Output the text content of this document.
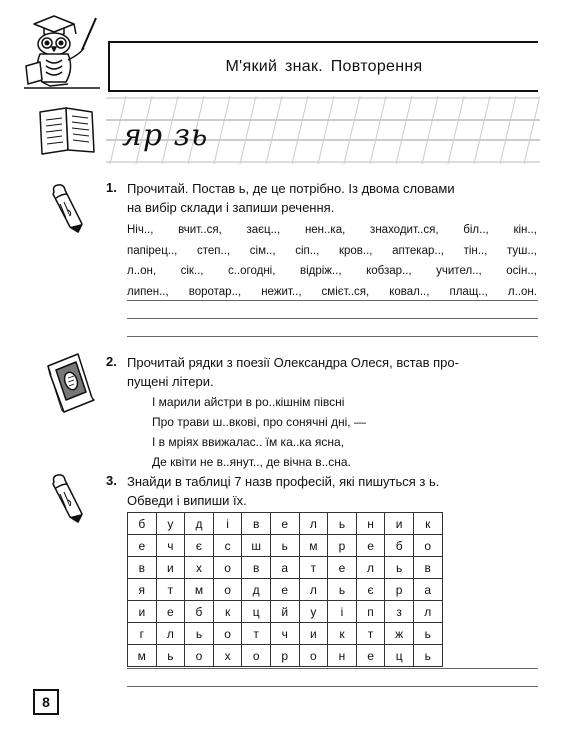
М'який знак. Повторення
яр зь
1. Прочитай. Постав ь, де це потрібно. Із двома словами
на вибір склади і запиши речення.
Ніч.., вчит..ся, заєц.., нен..ка, знаходит..ся, біл.., кін..,
папірец.., степ.., сім.., сіп.., кров.., аптекар.., тін.., туш..,
л..он, сік.., с..огодні, відріж.., кобзар.., учител.., осін..,
липен.., воротар.., нежит.., смієт..ся, ковал.., плащ.., л..он.
2. Прочитай рядки з поезії Олександра Олеся, встав про-
пущені літери.
І марили айстри в ро..кішнім півсні
Про трави ш..вкові, про сонячні дні, —
І в мріях ввижалас.. їм ка..ка ясна,
Де квіти не в..янут.., де вічна в..сна.
3. Знайди в таблиці 7 назв професій, які пишуться з ь.
Обведи і випиши їх.
б	у	д	і	в	е	л	ь	н	и	к
е	ч	є	с	ш	ь	м	р	е	б	о
в	и	х	о	в	а	т	е	л	ь	в
я	т	м	о	д	е	л	ь	є	р	а
и	е	б	к	ц	й	у	і	п	з	л
г	л	ь	о	т	ч	и	к	т	ж	ь
м	ь	о	х	о	р	о	н	е	ц	ь
8
